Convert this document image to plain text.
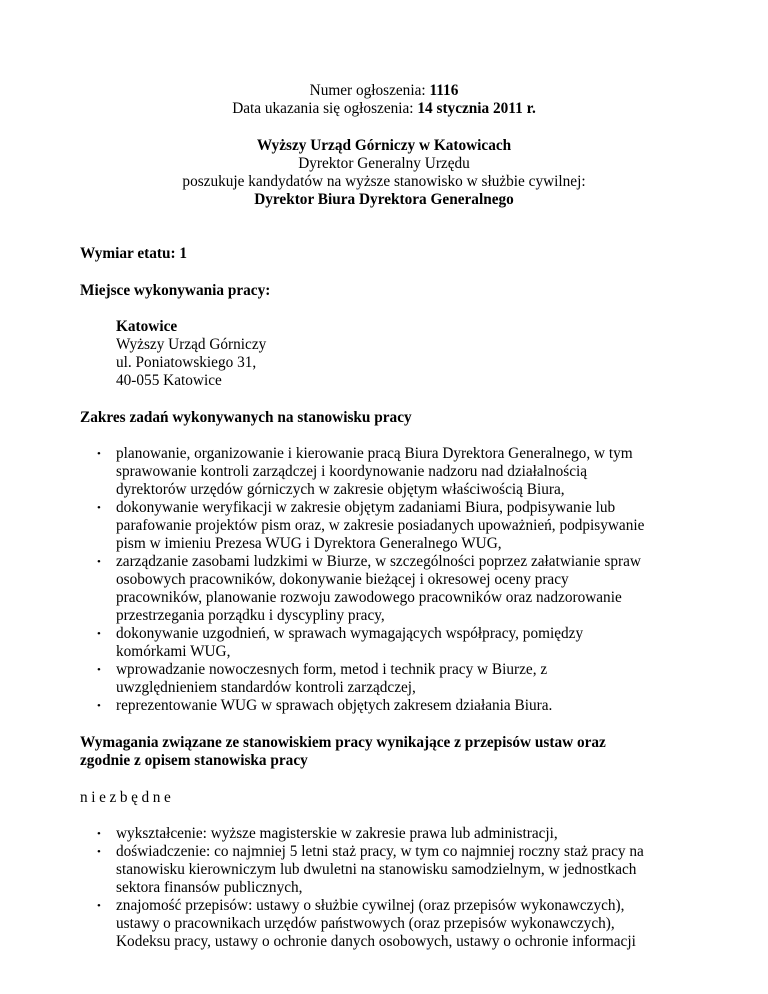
Numer ogłoszenia: 1116
Data ukazania się ogłoszenia: 14 stycznia 2011 r.
Wyższy Urząd Górniczy w Katowicach
Dyrektor Generalny Urzędu
poszukuje kandydatów na wyższe stanowisko w służbie cywilnej:
Dyrektor Biura Dyrektora Generalnego
Wymiar etatu: 1
Miejsce wykonywania pracy:
Katowice
Wyższy Urząd Górniczy
ul. Poniatowskiego 31,
40-055 Katowice
Zakres zadań wykonywanych na stanowisku pracy
• planowanie, organizowanie i kierowanie pracą Biura Dyrektora Generalnego, w tym
sprawowanie kontroli zarządczej i koordynowanie nadzoru nad działalnością
dyrektorów urzędów górniczych w zakresie objętym właściwością Biura,
• dokonywanie weryfikacji w zakresie objętym zadaniami Biura, podpisywanie lub
parafowanie projektów pism oraz, w zakresie posiadanych upoważnień, podpisywanie
pism w imieniu Prezesa WUG i Dyrektora Generalnego WUG,
• zarządzanie zasobami ludzkimi w Biurze, w szczególności poprzez załatwianie spraw
osobowych pracowników, dokonywanie bieżącej i okresowej oceny pracy
pracowników, planowanie rozwoju zawodowego pracowników oraz nadzorowanie
przestrzegania porządku i dyscypliny pracy,
• dokonywanie uzgodnień, w sprawach wymagających współpracy, pomiędzy
komórkami WUG,
• wprowadzanie nowoczesnych form, metod i technik pracy w Biurze, z
uwzględnieniem standardów kontroli zarządczej,
• reprezentowanie WUG w sprawach objętych zakresem działania Biura.
Wymagania związane ze stanowiskiem pracy wynikające z przepisów ustaw oraz
zgodnie z opisem stanowiska pracy
niezbędne
• wykształcenie: wyższe magisterskie w zakresie prawa lub administracji,
• doświadczenie: co najmniej 5 letni staż pracy, w tym co najmniej roczny staż pracy na
stanowisku kierowniczym lub dwuletni na stanowisku samodzielnym, w jednostkach
sektora finansów publicznych,
• znajomość przepisów: ustawy o służbie cywilnej (oraz przepisów wykonawczych),
ustawy o pracownikach urzędów państwowych (oraz przepisów wykonawczych),
Kodeksu pracy, ustawy o ochronie danych osobowych, ustawy o ochronie informacji
